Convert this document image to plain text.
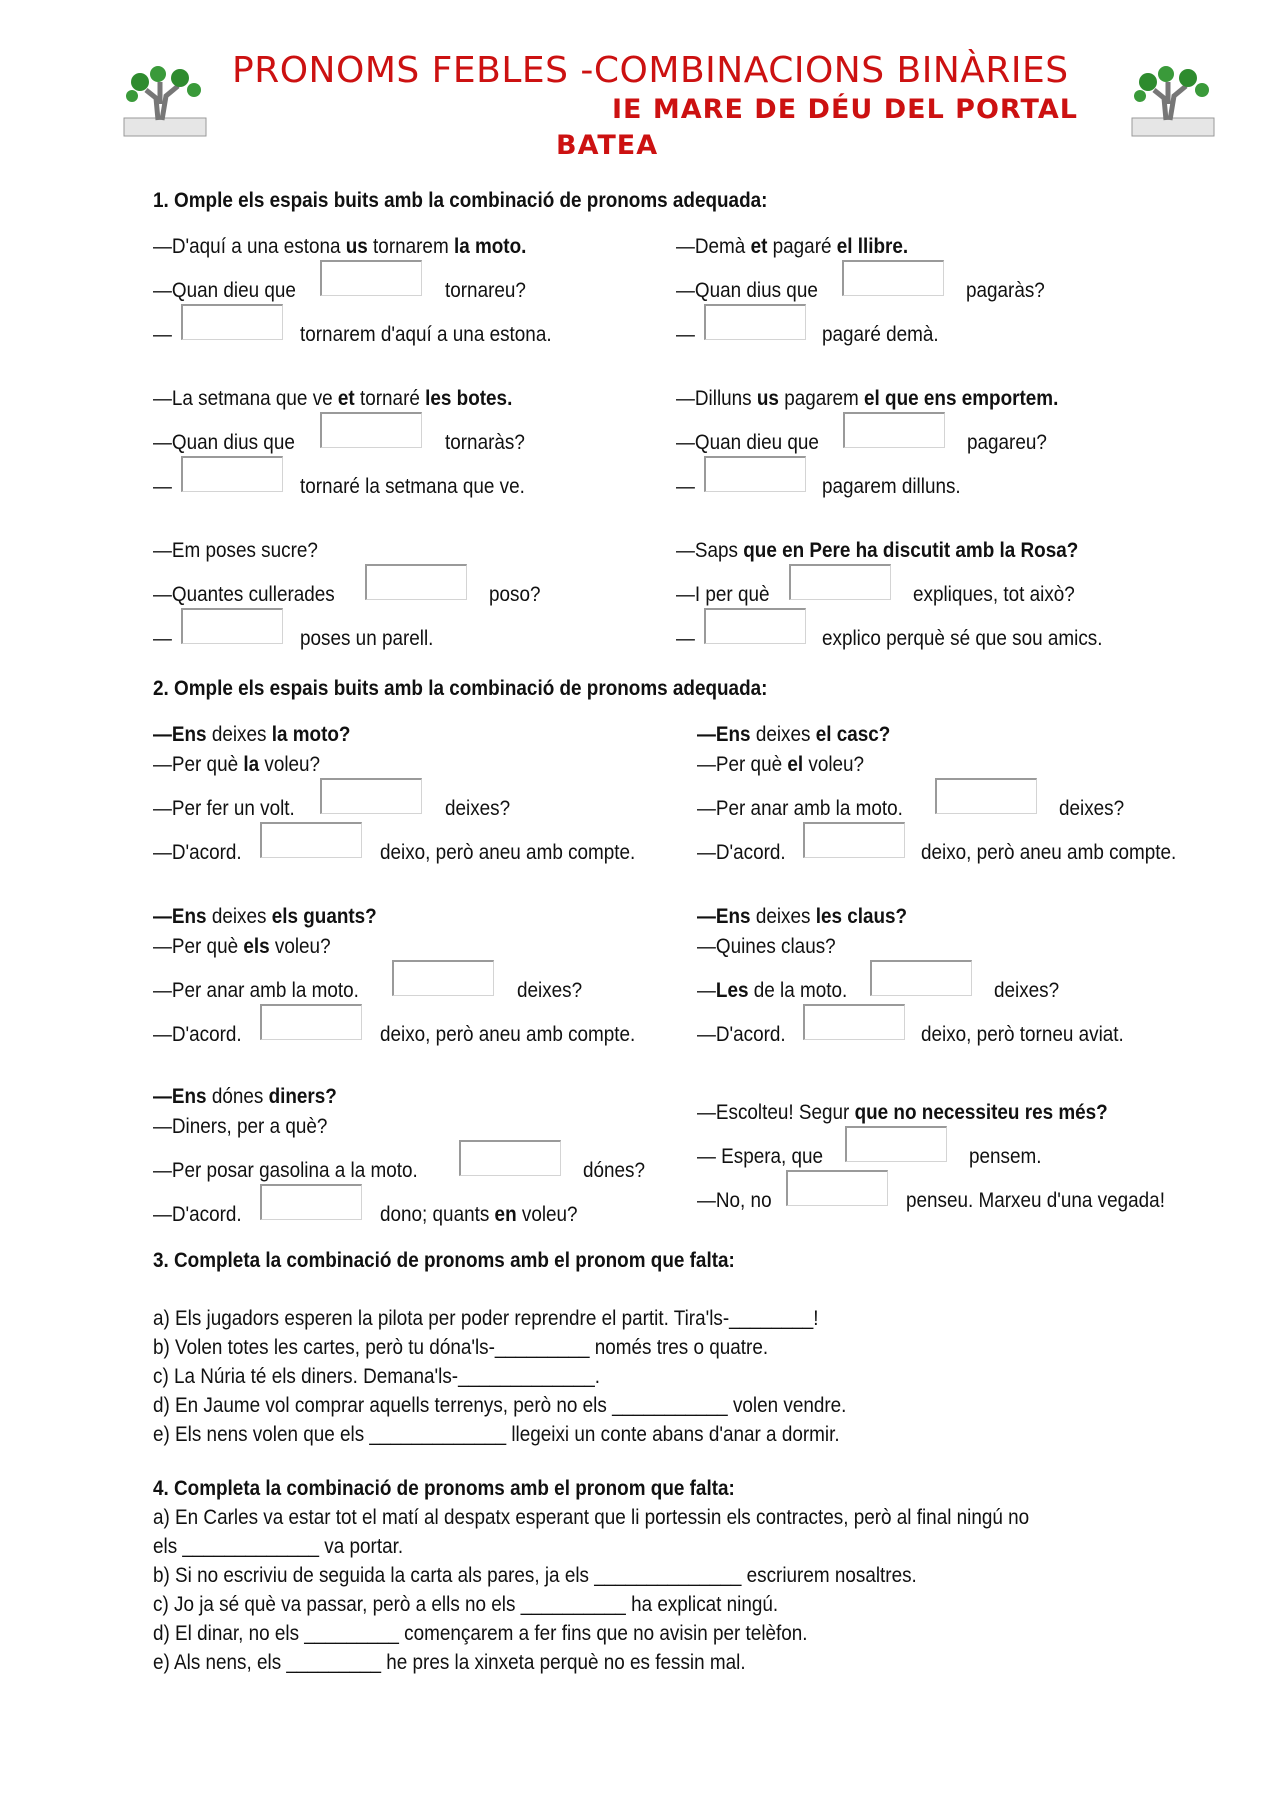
PRONOMS FEBLES -COMBINACIONS BINÀRIES
IE MARE DE DÉU DEL PORTAL
BATEA
1. Omple els espais buits amb la combinació de pronoms adequada:
—D'aquí a una estona us tornarem la moto.
—Quan dieu que	tornareu?
—	tornarem d'aquí a una estona.
—Demà et pagaré el llibre.
—Quan dius que	pagaràs?
—	pagaré demà.
—La setmana que ve et tornaré les botes.
—Quan dius que	tornaràs?
—	tornaré la setmana que ve.
—Dilluns us pagarem el que ens emportem.
—Quan dieu que	pagareu?
—	pagarem dilluns.
—Em poses sucre?
—Quantes cullerades	poso?
—	poses un parell.
—Saps que en Pere ha discutit amb la Rosa?
—I per què	expliques, tot això?
—	explico perquè sé que sou amics.
2. Omple els espais buits amb la combinació de pronoms adequada:
—Ens deixes la moto?
—Per què la voleu?
—Per fer un volt.	deixes?
—D'acord.	deixo, però aneu amb compte.
—Ens deixes el casc?
—Per què el voleu?
—Per anar amb la moto.	deixes?
—D'acord.	deixo, però aneu amb compte.
—Ens deixes els guants?
—Per què els voleu?
—Per anar amb la moto.	deixes?
—D'acord.	deixo, però aneu amb compte.
—Ens deixes les claus?
—Quines claus?
—Les de la moto.	deixes?
—D'acord.	deixo, però torneu aviat.
—Ens dónes diners?
—Diners, per a què?
—Per posar gasolina a la moto.	dónes?
—D'acord.	dono; quants en voleu?
—Escolteu! Segur que no necessiteu res més?
— Espera, que	pensem.
—No, no	penseu. Marxeu d'una vegada!
3. Completa la combinació de pronoms amb el pronom que falta:
a) Els jugadors esperen la pilota per poder reprendre el partit. Tira'ls-________!
b) Volen totes les cartes, però tu dóna'ls-_________ només tres o quatre.
c) La Núria té els diners. Demana'ls-_____________.
d) En Jaume vol comprar aquells terrenys, però no els ___________ volen vendre.
e) Els nens volen que els _____________ llegeixi un conte abans d'anar a dormir.
4. Completa la combinació de pronoms amb el pronom que falta:
a) En Carles va estar tot el matí al despatx esperant que li portessin els contractes, però al final ningú no
els _____________ va portar.
b) Si no escriviu de seguida la carta als pares, ja els ______________ escriurem nosaltres.
c) Jo ja sé què va passar, però a ells no els __________ ha explicat ningú.
d) El dinar, no els _________ començarem a fer fins que no avisin per telèfon.
e) Als nens, els _________ he pres la xinxeta perquè no es fessin mal.
